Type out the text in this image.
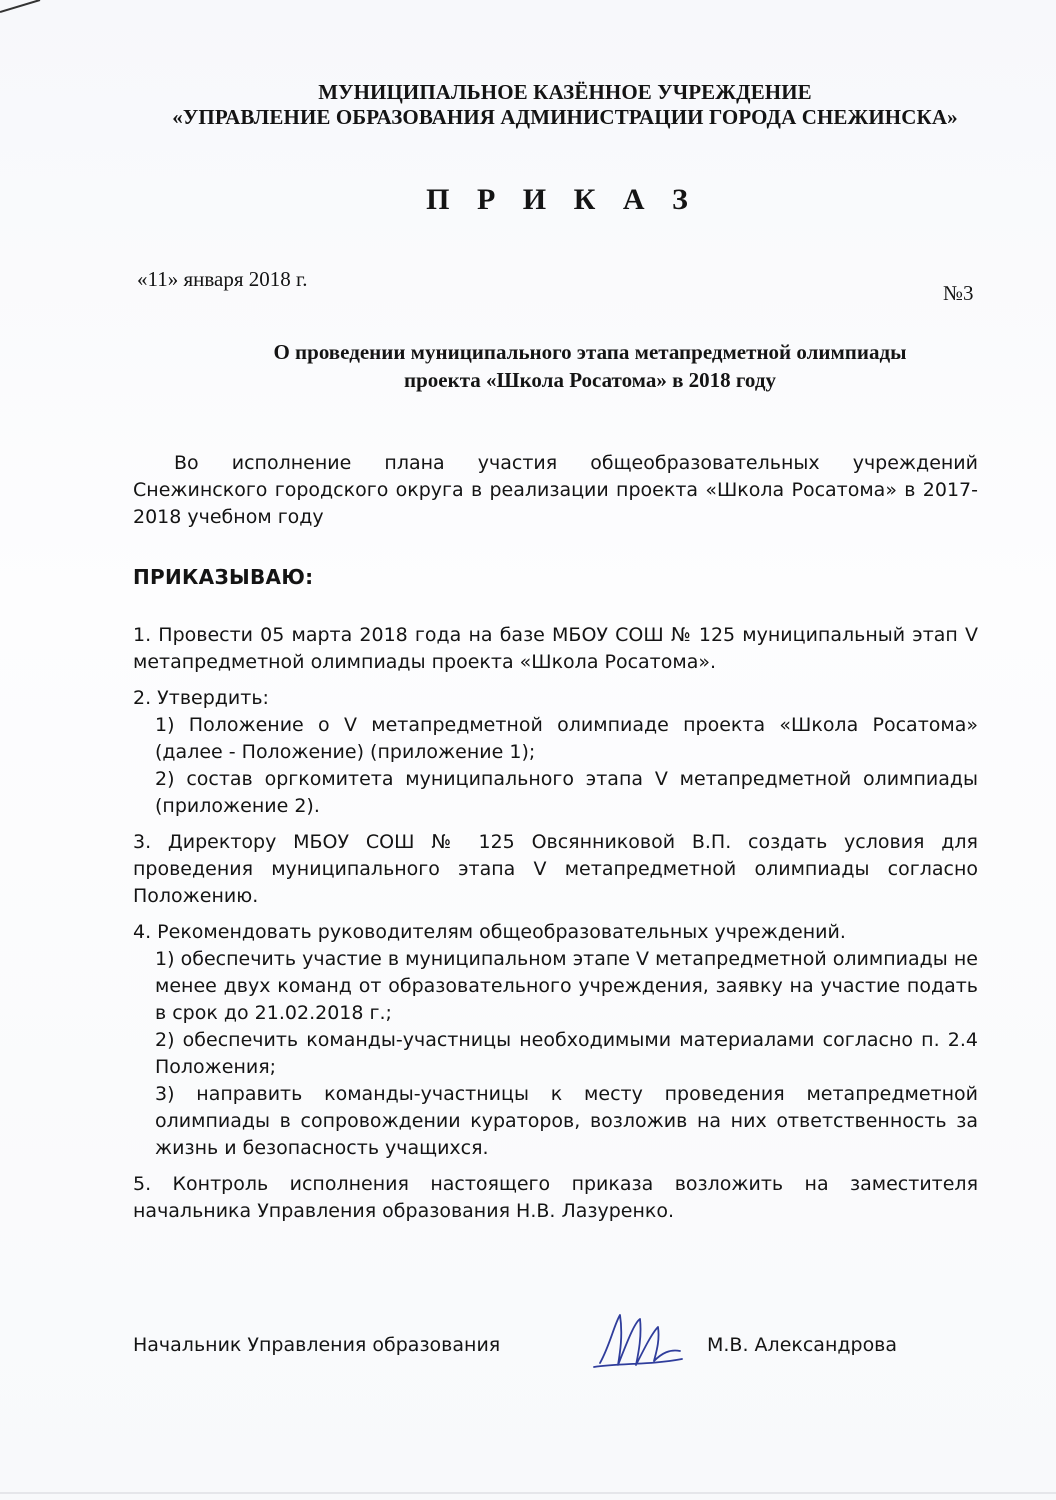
МУНИЦИПАЛЬНОЕ КАЗЁННОЕ УЧРЕЖДЕНИЕ
«УПРАВЛЕНИЕ ОБРАЗОВАНИЯ АДМИНИСТРАЦИИ ГОРОДА СНЕЖИНСКА»
П Р И К А З
«11» января 2018 г.
№3
О проведении муниципального этапа метапредметной олимпиады
проекта «Школа Росатома» в 2018 году
Во исполнение плана участия общеобразовательных учреждений Снежинского городского округа в реализации проекта «Школа Росатома» в 2017-2018 учебном году
ПРИКАЗЫВАЮ:
1. Провести 05 марта 2018 года на базе МБОУ СОШ № 125 муниципальный этап V метапредметной олимпиады проекта «Школа Росатома».
2. Утвердить:
1) Положение о V метапредметной олимпиаде проекта «Школа Росатома» (далее - Положение) (приложение 1);
2) состав оргкомитета муниципального этапа V метапредметной олимпиады (приложение 2).
3. Директору МБОУ СОШ № 125 Овсянниковой В.П. создать условия для проведения муниципального этапа V метапредметной олимпиады согласно Положению.
4. Рекомендовать руководителям общеобразовательных учреждений.
1) обеспечить участие в муниципальном этапе V метапредметной олимпиады не менее двух команд от образовательного учреждения, заявку на участие подать в срок до 21.02.2018 г.;
2) обеспечить команды-участницы необходимыми материалами согласно п. 2.4 Положения;
3) направить команды-участницы к месту проведения метапредметной олимпиады в сопровождении кураторов, возложив на них ответственность за жизнь и безопасность учащихся.
5. Контроль исполнения настоящего приказа возложить на заместителя начальника Управления образования Н.В. Лазуренко.
Начальник Управления образования	М.В. Александрова
